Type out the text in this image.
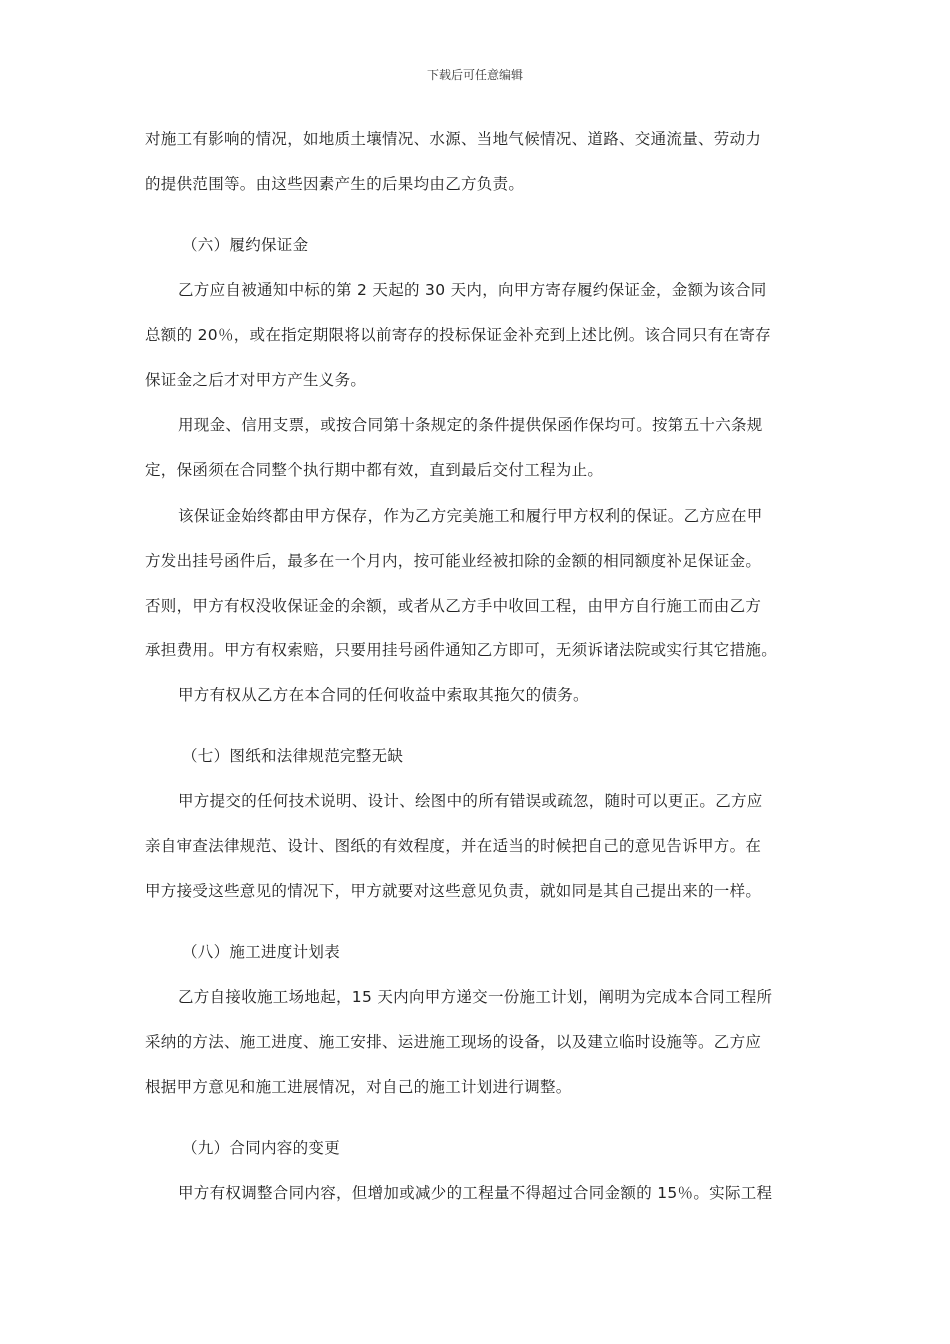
下载后可任意编辑
对施工有影响的情况，如地质土壤情况、水源、当地气候情况、道路、交通流量、劳动力
的提供范围等。由这些因素产生的后果均由乙方负责。
（六）履约保证金
乙方应自被通知中标的第 2 天起的 30 天内，向甲方寄存履约保证金，金额为该合同
总额的 20％，或在指定期限将以前寄存的投标保证金补充到上述比例。该合同只有在寄存
保证金之后才对甲方产生义务。
用现金、信用支票，或按合同第十条规定的条件提供保函作保均可。按第五十六条规
定，保函须在合同整个执行期中都有效，直到最后交付工程为止。
该保证金始终都由甲方保存，作为乙方完美施工和履行甲方权利的保证。乙方应在甲
方发出挂号函件后，最多在一个月内，按可能业经被扣除的金额的相同额度补足保证金。
否则，甲方有权没收保证金的余额，或者从乙方手中收回工程，由甲方自行施工而由乙方
承担费用。甲方有权索赔，只要用挂号函件通知乙方即可，无须诉诸法院或实行其它措施。
甲方有权从乙方在本合同的任何收益中索取其拖欠的债务。
（七）图纸和法律规范完整无缺
甲方提交的任何技术说明、设计、绘图中的所有错误或疏忽，随时可以更正。乙方应
亲自审查法律规范、设计、图纸的有效程度，并在适当的时候把自己的意见告诉甲方。在
甲方接受这些意见的情况下，甲方就要对这些意见负责，就如同是其自己提出来的一样。
（八）施工进度计划表
乙方自接收施工场地起，15 天内向甲方递交一份施工计划，阐明为完成本合同工程所
采纳的方法、施工进度、施工安排、运进施工现场的设备，以及建立临时设施等。乙方应
根据甲方意见和施工进展情况，对自己的施工计划进行调整。
（九）合同内容的变更
甲方有权调整合同内容，但增加或减少的工程量不得超过合同金额的 15％。实际工程
